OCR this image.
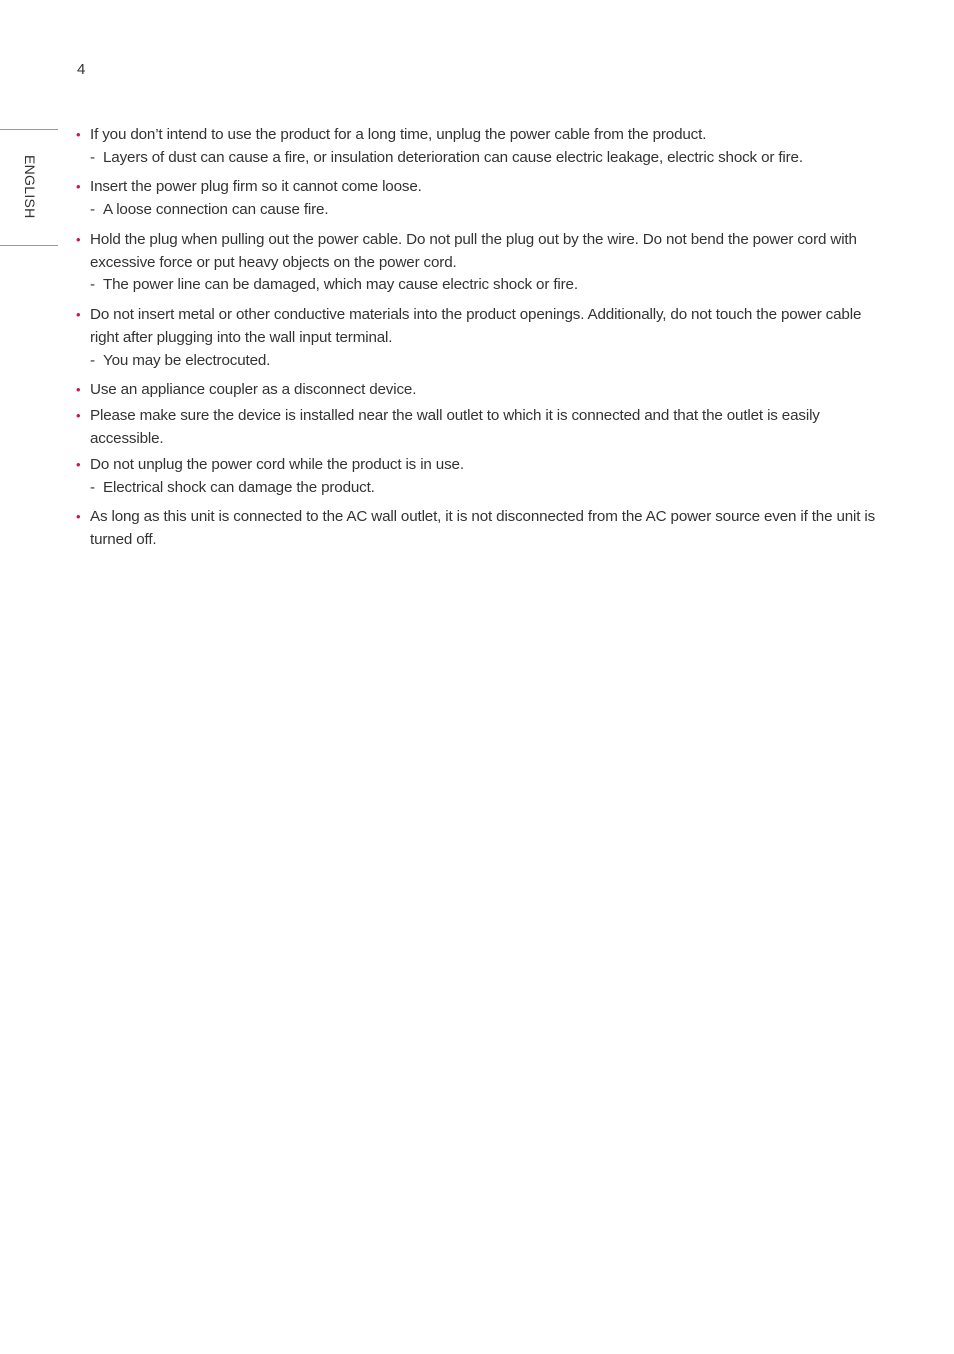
4
ENGLISH
• If you don’t intend to use the product for a long time, unplug the power cable from the product.
- Layers of dust can cause a fire, or insulation deterioration can cause electric leakage, electric shock or fire.
• Insert the power plug firm so it cannot come loose.
- A loose connection can cause fire.
• Hold the plug when pulling out the power cable. Do not pull the plug out by the wire. Do not bend the power cord with excessive force or put heavy objects on the power cord.
- The power line can be damaged, which may cause electric shock or fire.
• Do not insert metal or other conductive materials into the product openings. Additionally, do not touch the power cable right after plugging into the wall input terminal.
- You may be electrocuted.
• Use an appliance coupler as a disconnect device.
• Please make sure the device is installed near the wall outlet to which it is connected and that the outlet is easily accessible.
• Do not unplug the power cord while the product is in use.
- Electrical shock can damage the product.
• As long as this unit is connected to the AC wall outlet, it is not disconnected from the AC power source even if the unit is turned off.
